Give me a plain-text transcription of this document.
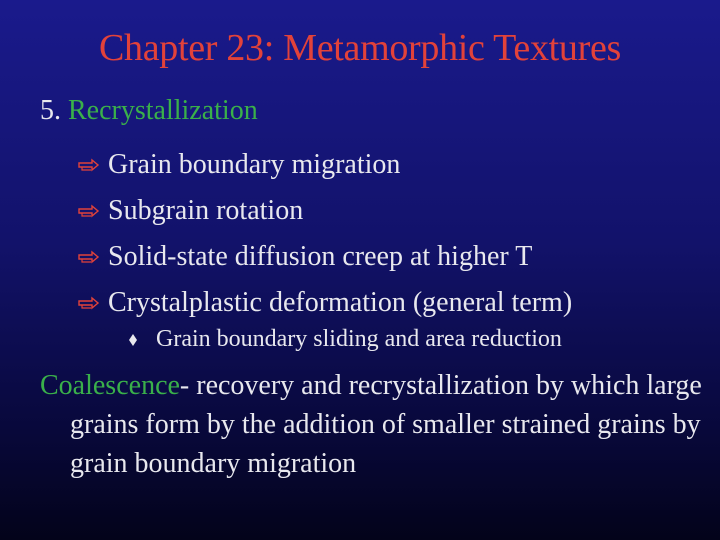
Chapter 23: Metamorphic Textures
5. Recrystallization
Grain boundary migration
Subgrain rotation
Solid-state diffusion creep at higher T
Crystalplastic deformation (general term)
Grain boundary sliding and area reduction
Coalescence- recovery and recrystallization by which large grains form by the addition of smaller strained grains by grain boundary migration
